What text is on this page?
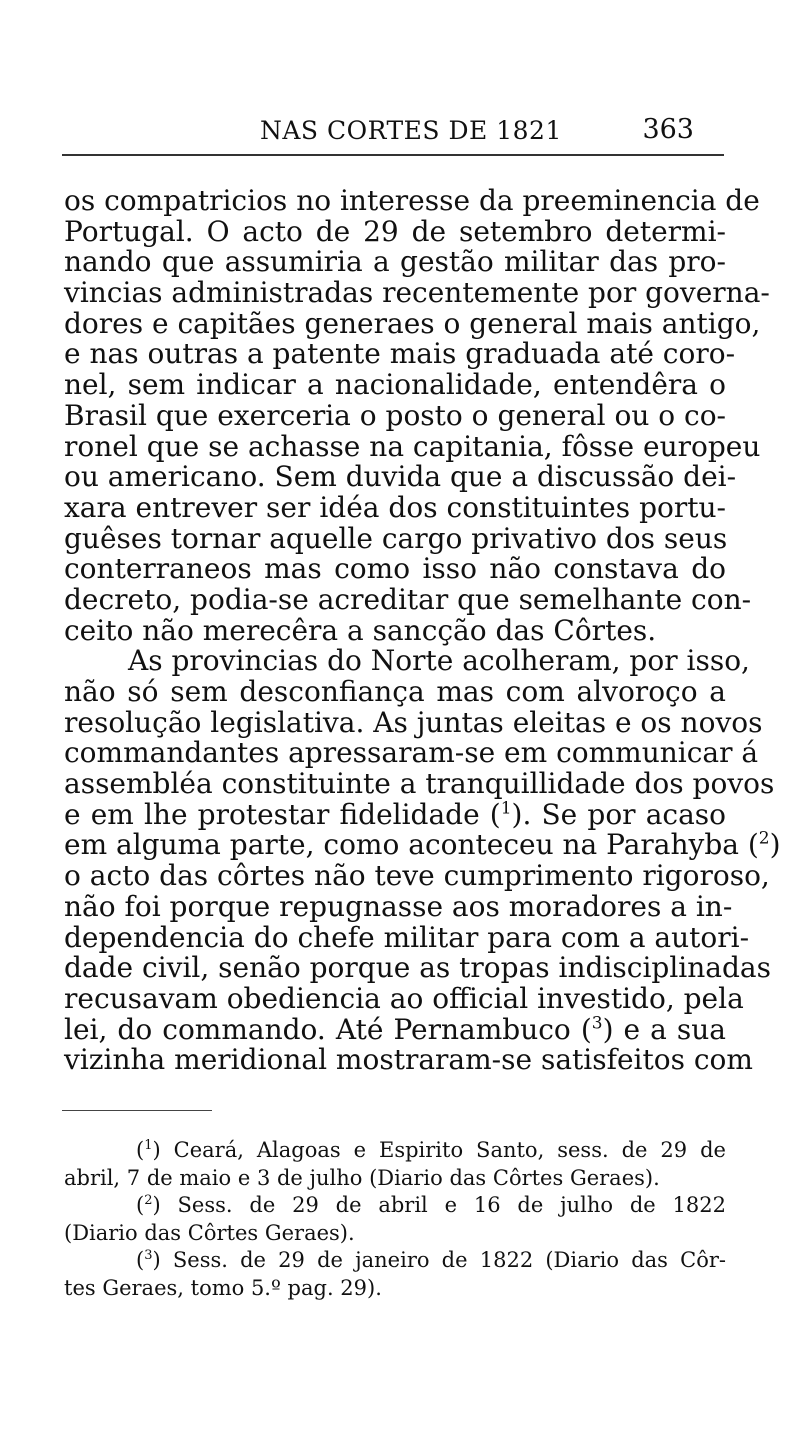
NAS CORTES DE 1821	363
os compatricios no interesse da preeminencia de
Portugal. O acto de 29 de setembro determi-
nando que assumiria a gestão militar das pro-
vincias administradas recentemente por governa-
dores e capitães generaes o general mais antigo,
e nas outras a patente mais graduada até coro-
nel, sem indicar a nacionalidade, entendêra o
Brasil que exerceria o posto o general ou o co-
ronel que se achasse na capitania, fôsse europeu
ou americano. Sem duvida que a discussão dei-
xara entrever ser idéa dos constituintes portu-
guêses tornar aquelle cargo privativo dos seus
conterraneos mas como isso não constava do
decreto, podia-se acreditar que semelhante con-
ceito não merecêra a sancção das Côrtes.
As provincias do Norte acolheram, por isso,
não só sem desconfiança mas com alvoroço a
resolução legislativa. As juntas eleitas e os novos
commandantes apressaram-se em communicar á
assembléa constituinte a tranquillidade dos povos
e em lhe protestar fidelidade ($^1$). Se por acaso
em alguma parte, como aconteceu na Parahyba ($^2$)
o acto das côrtes não teve cumprimento rigoroso,
não foi porque repugnasse aos moradores a in-
dependencia do chefe militar para com a autori-
dade civil, senão porque as tropas indisciplinadas
recusavam obediencia ao official investido, pela
lei, do commando. Até Pernambuco ($^3$) e a sua
vizinha meridional mostraram-se satisfeitos com
($^1$) Ceará, Alagoas e Espirito Santo, sess. de 29 de
abril, 7 de maio e 3 de julho (Diario das Côrtes Geraes).
($^2$) Sess. de 29 de abril e 16 de julho de 1822
(Diario das Côrtes Geraes).
($^3$) Sess. de 29 de janeiro de 1822 (Diario das Côr-
tes Geraes, tomo 5.º pag. 29).
